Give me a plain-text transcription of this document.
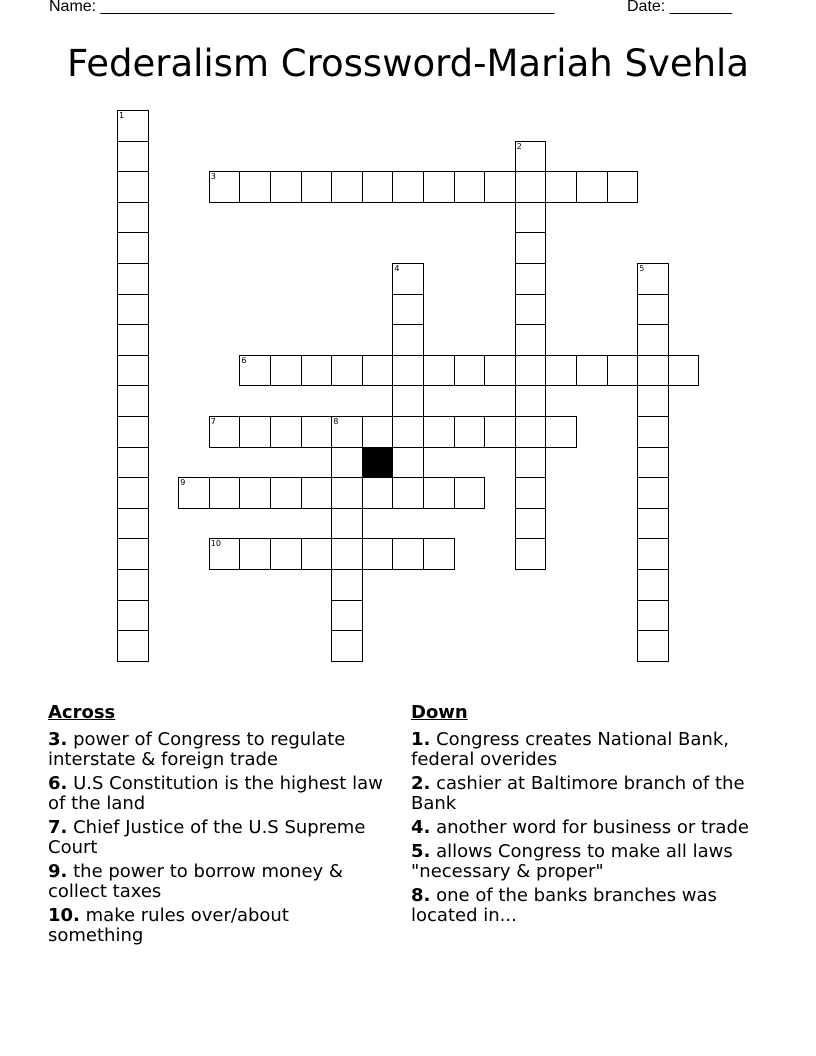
Name: ___________________________________________________	Date: _______
Federalism Crossword-Mariah Svehla
1
2
3
4	5
6
7	8
9
10
Across
3. power of Congress to regulate interstate & foreign trade
6. U.S Constitution is the highest law of the land
7. Chief Justice of the U.S Supreme Court
9. the power to borrow money & collect taxes
10. make rules over/about something
Down
1. Congress creates National Bank, federal overides
2. cashier at Baltimore branch of the Bank
4. another word for business or trade
5. allows Congress to make all laws "necessary & proper"
8. one of the banks branches was located in...
